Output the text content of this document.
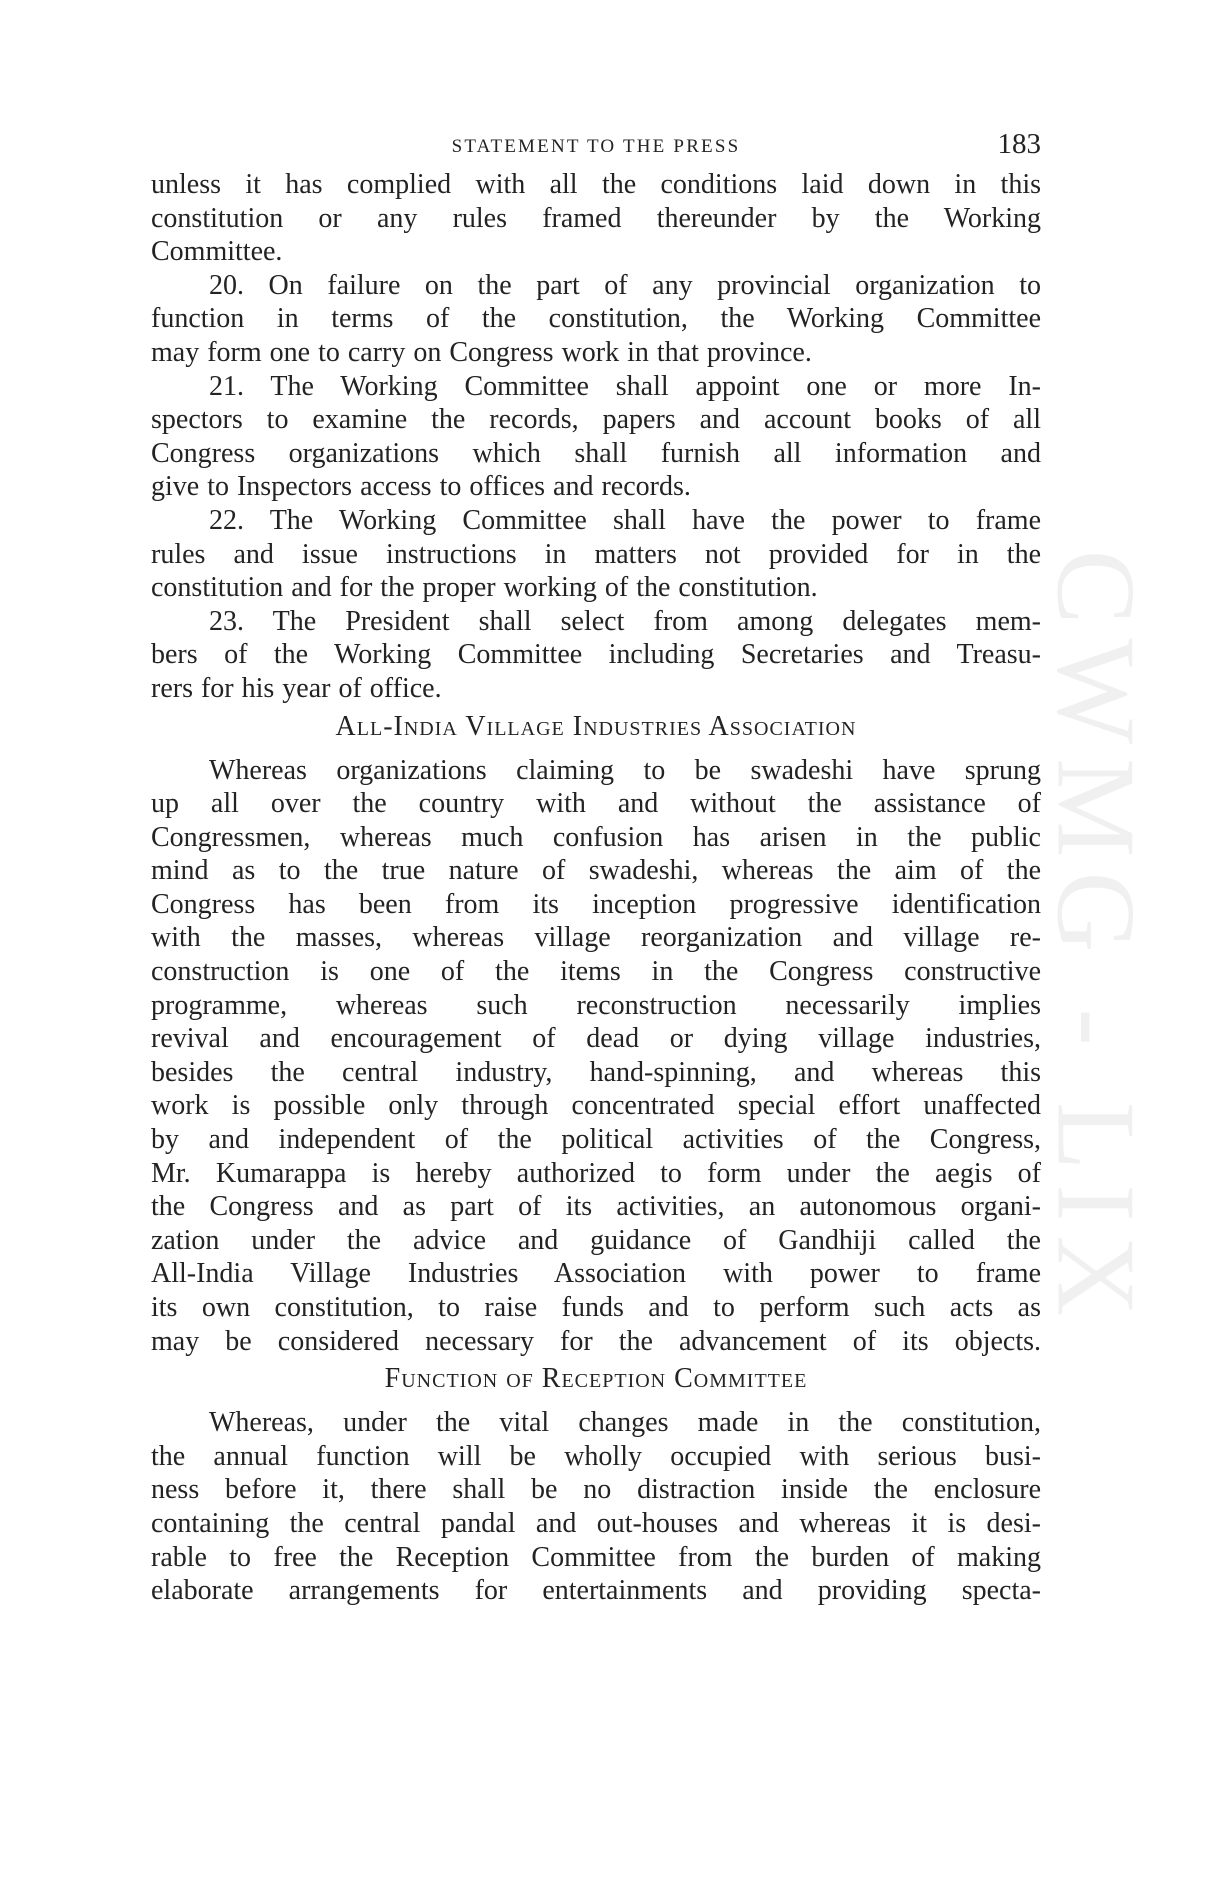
CWMG - LIX
STATEMENT TO THE PRESS	183
unless it has complied with all the conditions laid down in this
constitution or any rules framed thereunder by the Working
Committee.
20. On failure on the part of any provincial organization to
function in terms of the constitution, the Working Committee
may form one to carry on Congress work in that province.
21. The Working Committee shall appoint one or more In-
spectors to examine the records, papers and account books of all
Congress organizations which shall furnish all information and
give to Inspectors access to offices and records.
22. The Working Committee shall have the power to frame
rules and issue instructions in matters not provided for in the
constitution and for the proper working of the constitution.
23. The President shall select from among delegates mem-
bers of the Working Committee including Secretaries and Treasu-
rers for his year of office.
All-India Village Industries Association
Whereas organizations claiming to be swadeshi have sprung
up all over the country with and without the assistance of
Congressmen, whereas much confusion has arisen in the public
mind as to the true nature of swadeshi, whereas the aim of the
Congress has been from its inception progressive identification
with the masses, whereas village reorganization and village re-
construction is one of the items in the Congress constructive
programme, whereas such reconstruction necessarily implies
revival and encouragement of dead or dying village industries,
besides the central industry, hand-spinning, and whereas this
work is possible only through concentrated special effort unaffected
by and independent of the political activities of the Congress,
Mr. Kumarappa is hereby authorized to form under the aegis of
the Congress and as part of its activities, an autonomous organi-
zation under the advice and guidance of Gandhiji called the
All-India Village Industries Association with power to frame
its own constitution, to raise funds and to perform such acts as
may be considered necessary for the advancement of its objects.
Function of Reception Committee
Whereas, under the vital changes made in the constitution,
the annual function will be wholly occupied with serious busi-
ness before it, there shall be no distraction inside the enclosure
containing the central pandal and out-houses and whereas it is desi-
rable to free the Reception Committee from the burden of making
elaborate arrangements for entertainments and providing specta-
